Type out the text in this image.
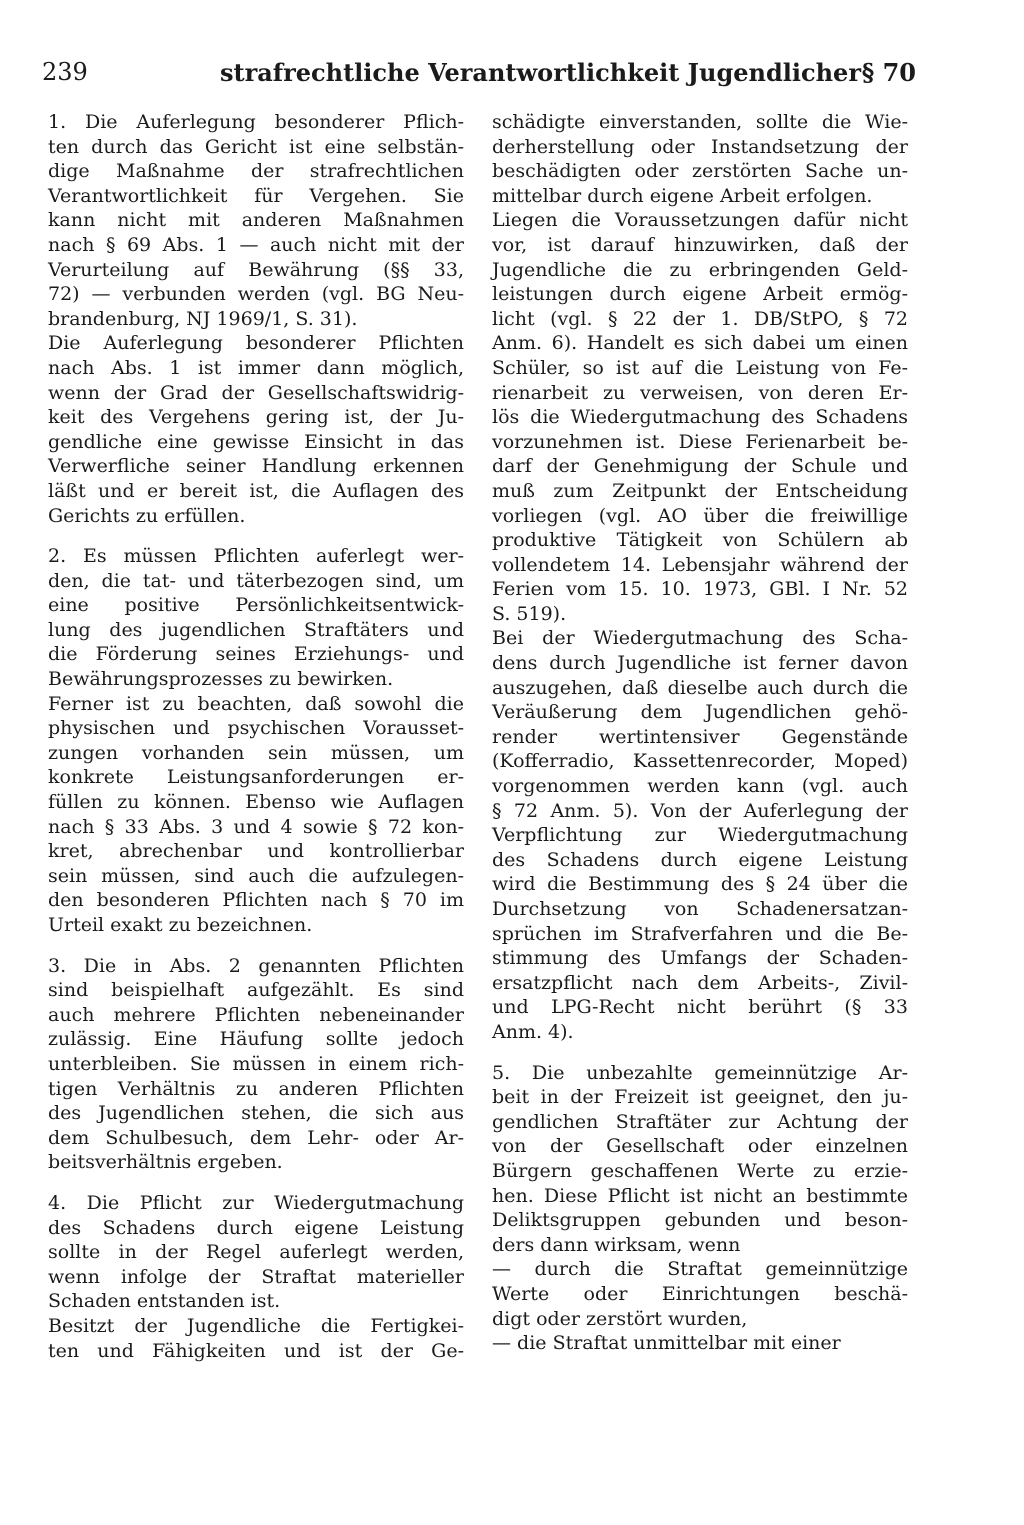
239	strafrechtliche Verantwortlichkeit Jugendlicher § 70
1. Die Auferlegung besonderer Pflich-
ten durch das Gericht ist eine selbstän-
dige Maßnahme der strafrechtlichen
Verantwortlichkeit für Vergehen. Sie
kann nicht mit anderen Maßnahmen
nach § 69 Abs. 1 — auch nicht mit der
Verurteilung auf Bewährung (§§ 33,
72) — verbunden werden (vgl. BG Neu-
brandenburg, NJ 1969/1, S. 31).
Die Auferlegung besonderer Pflichten
nach Abs. 1 ist immer dann möglich,
wenn der Grad der Gesellschaftswidrig-
keit des Vergehens gering ist, der Ju-
gendliche eine gewisse Einsicht in das
Verwerfliche seiner Handlung erkennen
läßt und er bereit ist, die Auflagen des
Gerichts zu erfüllen.
2. Es müssen Pflichten auferlegt wer-
den, die tat- und täterbezogen sind, um
eine positive Persönlichkeitsentwick-
lung des jugendlichen Straftäters und
die Förderung seines Erziehungs- und
Bewährungsprozesses zu bewirken.
Ferner ist zu beachten, daß sowohl die
physischen und psychischen Vorausset-
zungen vorhanden sein müssen, um
konkrete Leistungsanforderungen er-
füllen zu können. Ebenso wie Auflagen
nach § 33 Abs. 3 und 4 sowie § 72 kon-
kret, abrechenbar und kontrollierbar
sein müssen, sind auch die aufzulegen-
den besonderen Pflichten nach § 70 im
Urteil exakt zu bezeichnen.
3. Die in Abs. 2 genannten Pflichten
sind beispielhaft aufgezählt. Es sind
auch mehrere Pflichten nebeneinander
zulässig. Eine Häufung sollte jedoch
unterbleiben. Sie müssen in einem rich-
tigen Verhältnis zu anderen Pflichten
des Jugendlichen stehen, die sich aus
dem Schulbesuch, dem Lehr- oder Ar-
beitsverhältnis ergeben.
4. Die Pflicht zur Wiedergutmachung
des Schadens durch eigene Leistung
sollte in der Regel auferlegt werden,
wenn infolge der Straftat materieller
Schaden entstanden ist.
Besitzt der Jugendliche die Fertigkei-
ten und Fähigkeiten und ist der Ge-
schädigte einverstanden, sollte die Wie-
derherstellung oder Instandsetzung der
beschädigten oder zerstörten Sache un-
mittelbar durch eigene Arbeit erfolgen.
Liegen die Voraussetzungen dafür nicht
vor, ist darauf hinzuwirken, daß der
Jugendliche die zu erbringenden Geld-
leistungen durch eigene Arbeit ermög-
licht (vgl. § 22 der 1. DB/StPO, § 72
Anm. 6). Handelt es sich dabei um einen
Schüler, so ist auf die Leistung von Fe-
rienarbeit zu verweisen, von deren Er-
lös die Wiedergutmachung des Schadens
vorzunehmen ist. Diese Ferienarbeit be-
darf der Genehmigung der Schule und
muß zum Zeitpunkt der Entscheidung
vorliegen (vgl. AO über die freiwillige
produktive Tätigkeit von Schülern ab
vollendetem 14. Lebensjahr während der
Ferien vom 15. 10. 1973, GBl. I Nr. 52
S. 519).
Bei der Wiedergutmachung des Scha-
dens durch Jugendliche ist ferner davon
auszugehen, daß dieselbe auch durch die
Veräußerung dem Jugendlichen gehö-
render wertintensiver Gegenstände
(Kofferradio, Kassettenrecorder, Moped)
vorgenommen werden kann (vgl. auch
§ 72 Anm. 5). Von der Auferlegung der
Verpflichtung zur Wiedergutmachung
des Schadens durch eigene Leistung
wird die Bestimmung des § 24 über die
Durchsetzung von Schadenersatzan-
sprüchen im Strafverfahren und die Be-
stimmung des Umfangs der Schaden-
ersatzpflicht nach dem Arbeits-, Zivil-
und LPG-Recht nicht berührt (§ 33
Anm. 4).
5. Die unbezahlte gemeinnützige Ar-
beit in der Freizeit ist geeignet, den ju-
gendlichen Straftäter zur Achtung der
von der Gesellschaft oder einzelnen
Bürgern geschaffenen Werte zu erzie-
hen. Diese Pflicht ist nicht an bestimmte
Deliktsgruppen gebunden und beson-
ders dann wirksam, wenn
— durch die Straftat gemeinnützige
Werte oder Einrichtungen beschä-
digt oder zerstört wurden,
— die Straftat unmittelbar mit einer
